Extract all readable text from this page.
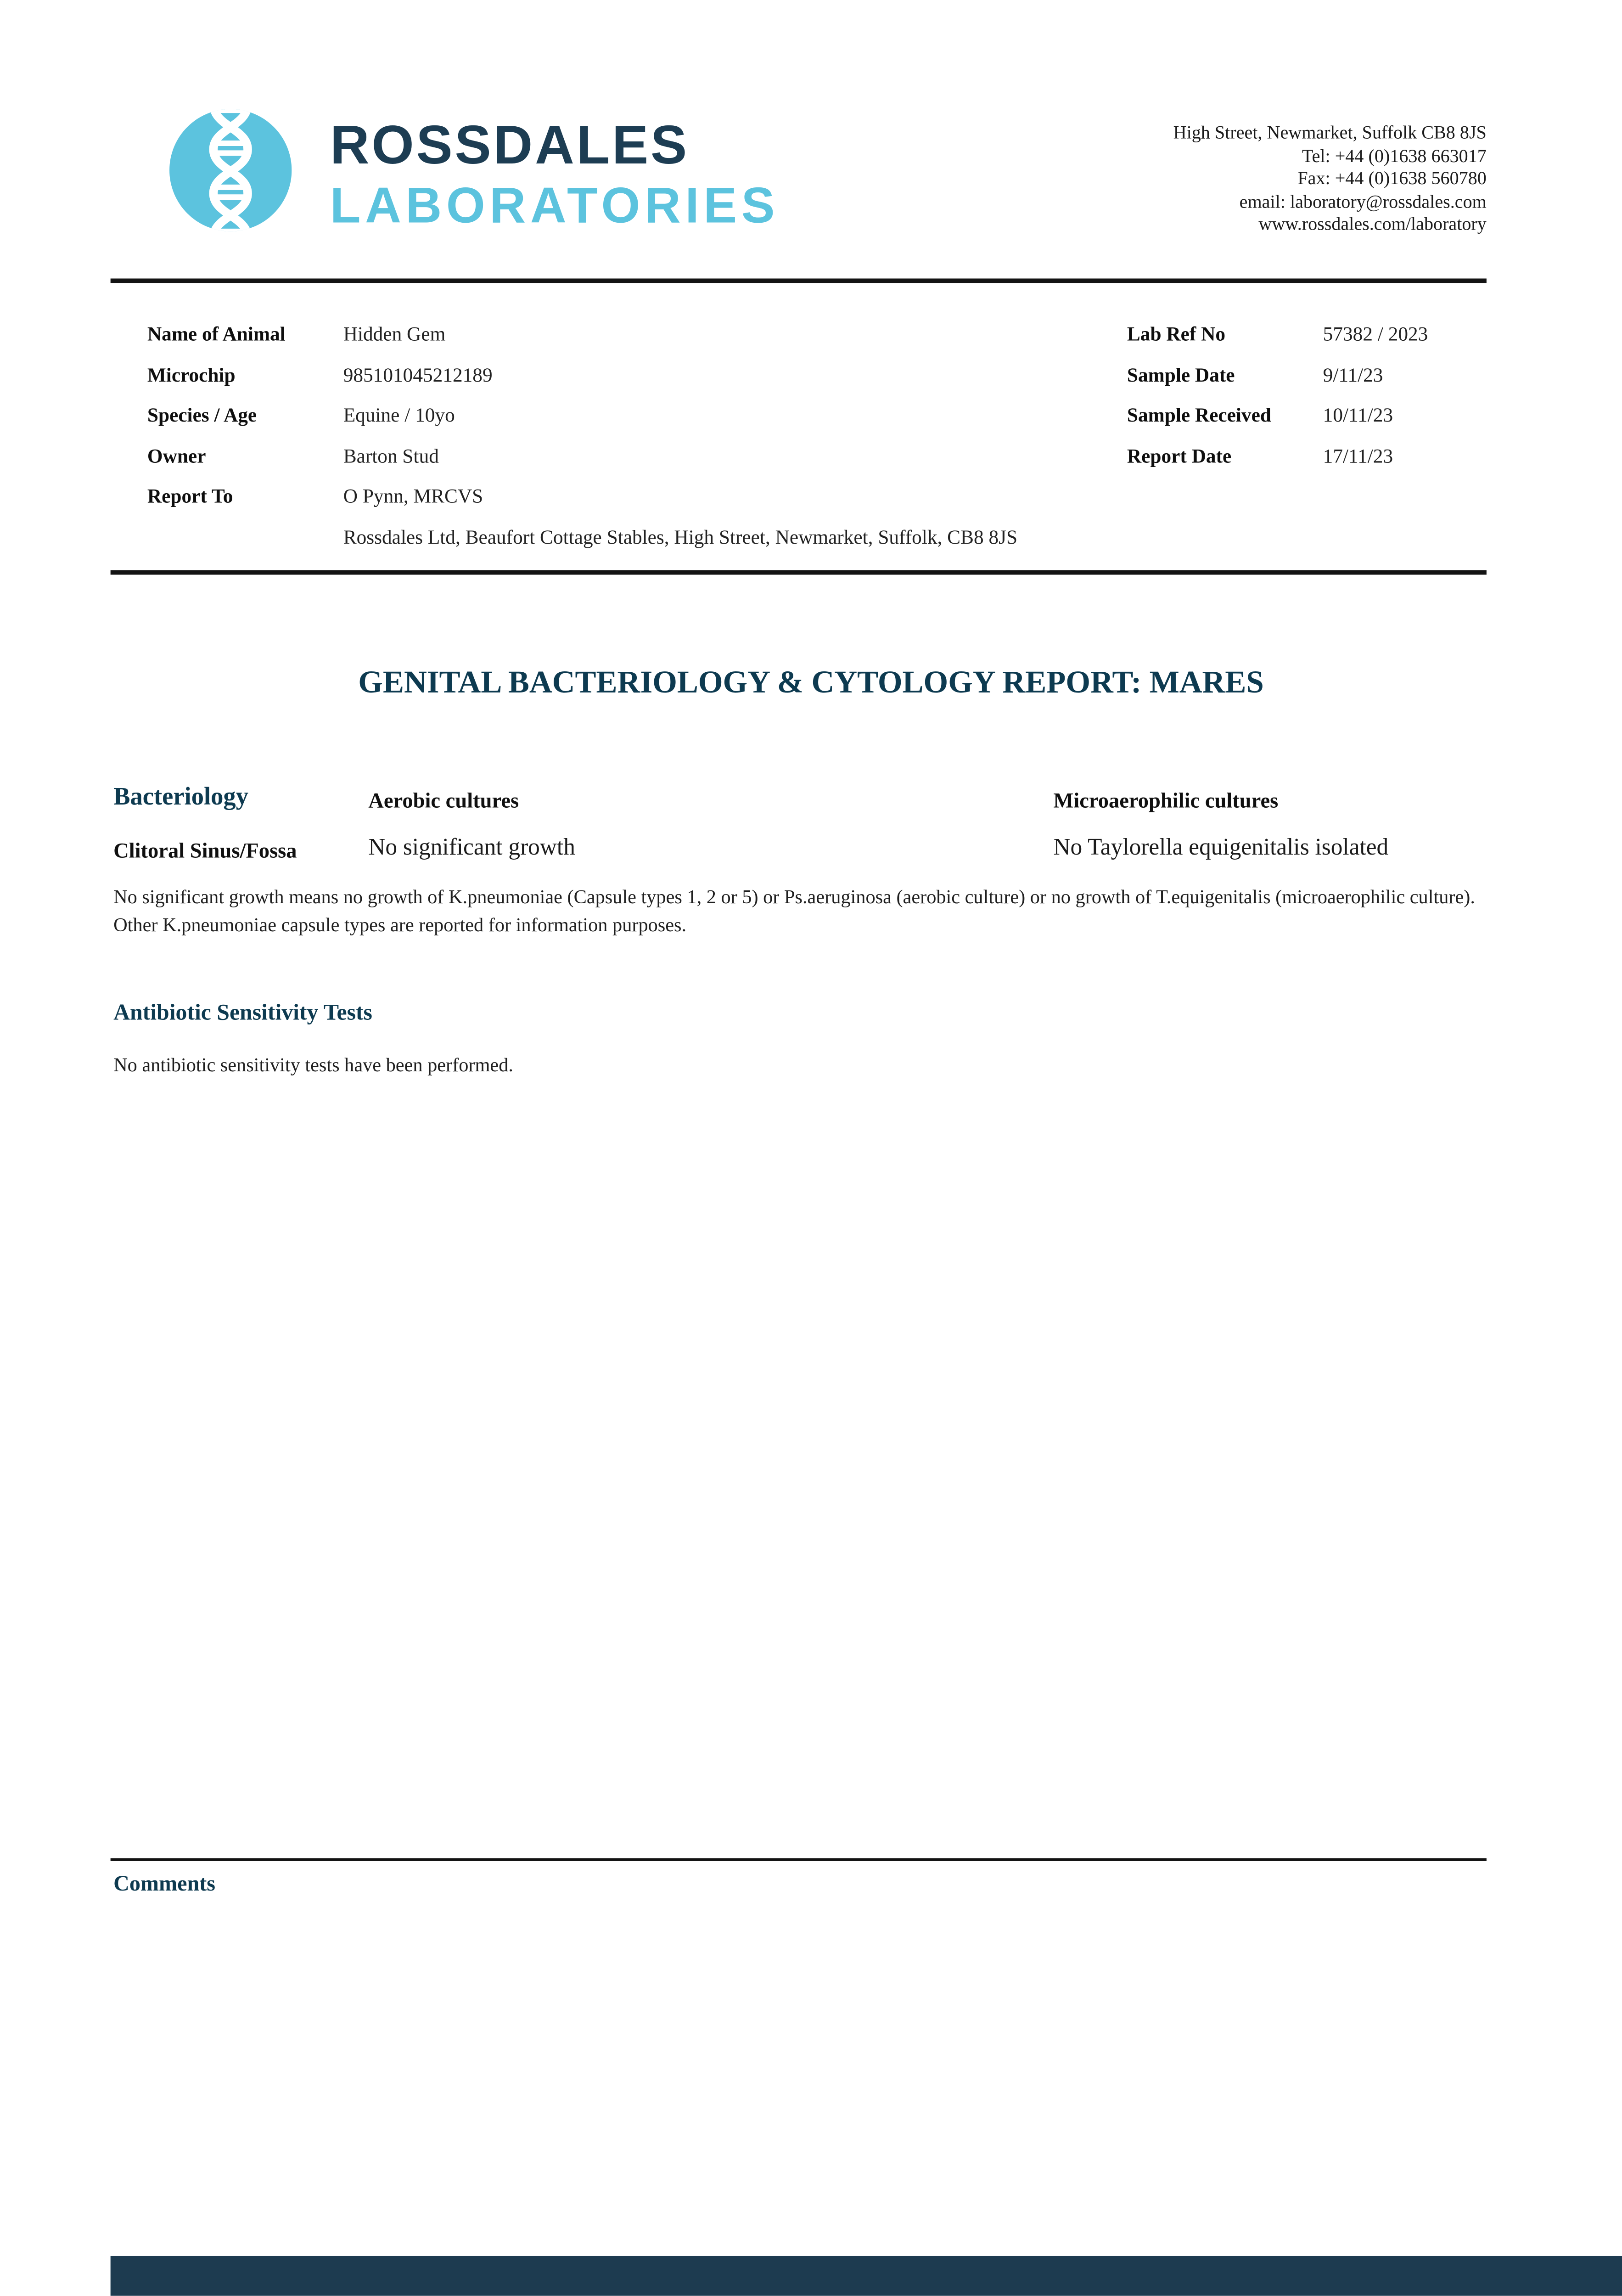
ROSSDALES
LABORATORIES
High Street, Newmarket, Suffolk CB8 8JS
Tel: +44 (0)1638 663017
Fax: +44 (0)1638 560780
email: laboratory@rossdales.com
www.rossdales.com/laboratory
Name of Animal	Hidden Gem
Microchip	985101045212189
Species / Age	Equine / 10yo
Owner	Barton Stud
Report To	O Pynn, MRCVS
Rossdales Ltd, Beaufort Cottage Stables, High Street, Newmarket, Suffolk, CB8 8JS
Lab Ref No	57382 / 2023
Sample Date	9/11/23
Sample Received	10/11/23
Report Date	17/11/23
GENITAL BACTERIOLOGY & CYTOLOGY REPORT: MARES
Bacteriology	Aerobic cultures	Microaerophilic cultures
Clitoral Sinus/Fossa	No significant growth	No Taylorella equigenitalis isolated
No significant growth means no growth of K.pneumoniae (Capsule types 1, 2 or 5) or Ps.aeruginosa (aerobic culture) or no growth of T.equigenitalis (microaerophilic culture).  Other K.pneumoniae capsule types are reported for information purposes.
Antibiotic Sensitivity Tests
No antibiotic sensitivity tests have been performed.
Comments
